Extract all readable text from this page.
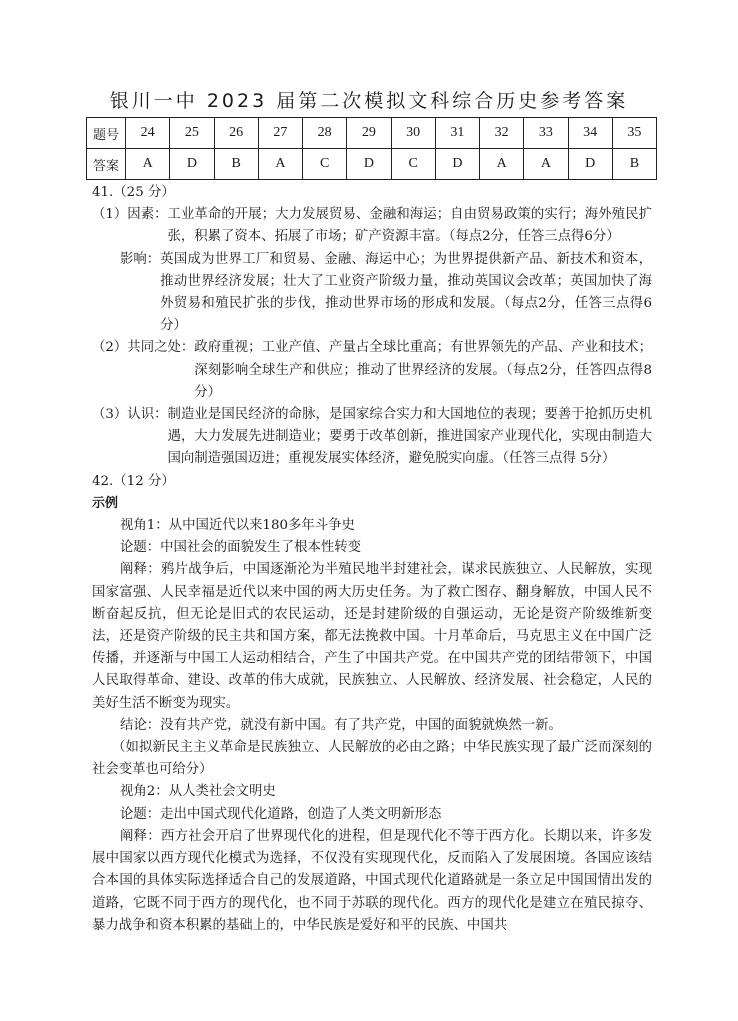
银川一中 2023 届第二次模拟文科综合历史参考答案
题号	24	25	26	27	28	29	30	31	32	33	34	35
答案	A	D	B	A	C	D	C	D	A	A	D	B
41.（25 分）
（1）因素： 工业革命的开展；大力发展贸易、金融和海运；自由贸易政策的实行；海外殖民扩张，积累了资本、拓展了市场；矿产资源丰富。（每点2分，任答三点得6分）
影响： 英国成为世界工厂和贸易、金融、海运中心；为世界提供新产品、新技术和资本，推动世界经济发展；壮大了工业资产阶级力量，推动英国议会改革；英国加快了海外贸易和殖民扩张的步伐，推动世界市场的形成和发展。（每点2分，任答三点得6分）
（2）共同之处： 政府重视；工业产值、产量占全球比重高；有世界领先的产品、产业和技术；深刻影响全球生产和供应；推动了世界经济的发展。（每点2分，任答四点得8分）
（3）认识： 制造业是国民经济的命脉，是国家综合实力和大国地位的表现；要善于抢抓历史机遇，大力发展先进制造业；要勇于改革创新，推进国家产业现代化，实现由制造大国向制造强国迈进；重视发展实体经济，避免脱实向虚。（任答三点得 5分）
42.（12 分）
示例
视角1：从中国近代以来180多年斗争史
论题：中国社会的面貌发生了根本性转变
阐释：鸦片战争后，中国逐渐沦为半殖民地半封建社会，谋求民族独立、人民解放，实现国家富强、人民幸福是近代以来中国的两大历史任务。为了救亡图存、翻身解放，中国人民不断奋起反抗，但无论是旧式的农民运动，还是封建阶级的自强运动，无论是资产阶级维新变法，还是资产阶级的民主共和国方案，都无法挽救中国。十月革命后，马克思主义在中国广泛传播，并逐渐与中国工人运动相结合，产生了中国共产党。在中国共产党的团结带领下，中国人民取得革命、建设、改革的伟大成就，民族独立、人民解放、经济发展、社会稳定，人民的美好生活不断变为现实。
结论：没有共产党，就没有新中国。有了共产党，中国的面貌就焕然一新。
（如拟新民主主义革命是民族独立、人民解放的必由之路；中华民族实现了最广泛而深刻的社会变革也可给分）
视角2：从人类社会文明史
论题：走出中国式现代化道路，创造了人类文明新形态
阐释：西方社会开启了世界现代化的进程，但是现代化不等于西方化。长期以来，许多发展中国家以西方现代化模式为选择，不仅没有实现现代化，反而陷入了发展困境。各国应该结合本国的具体实际选择适合自己的发展道路，中国式现代化道路就是一条立足中国国情出发的道路，它既不同于西方的现代化，也不同于苏联的现代化。西方的现代化是建立在殖民掠夺、暴力战争和资本积累的基础上的，中华民族是爱好和平的民族、中国共
